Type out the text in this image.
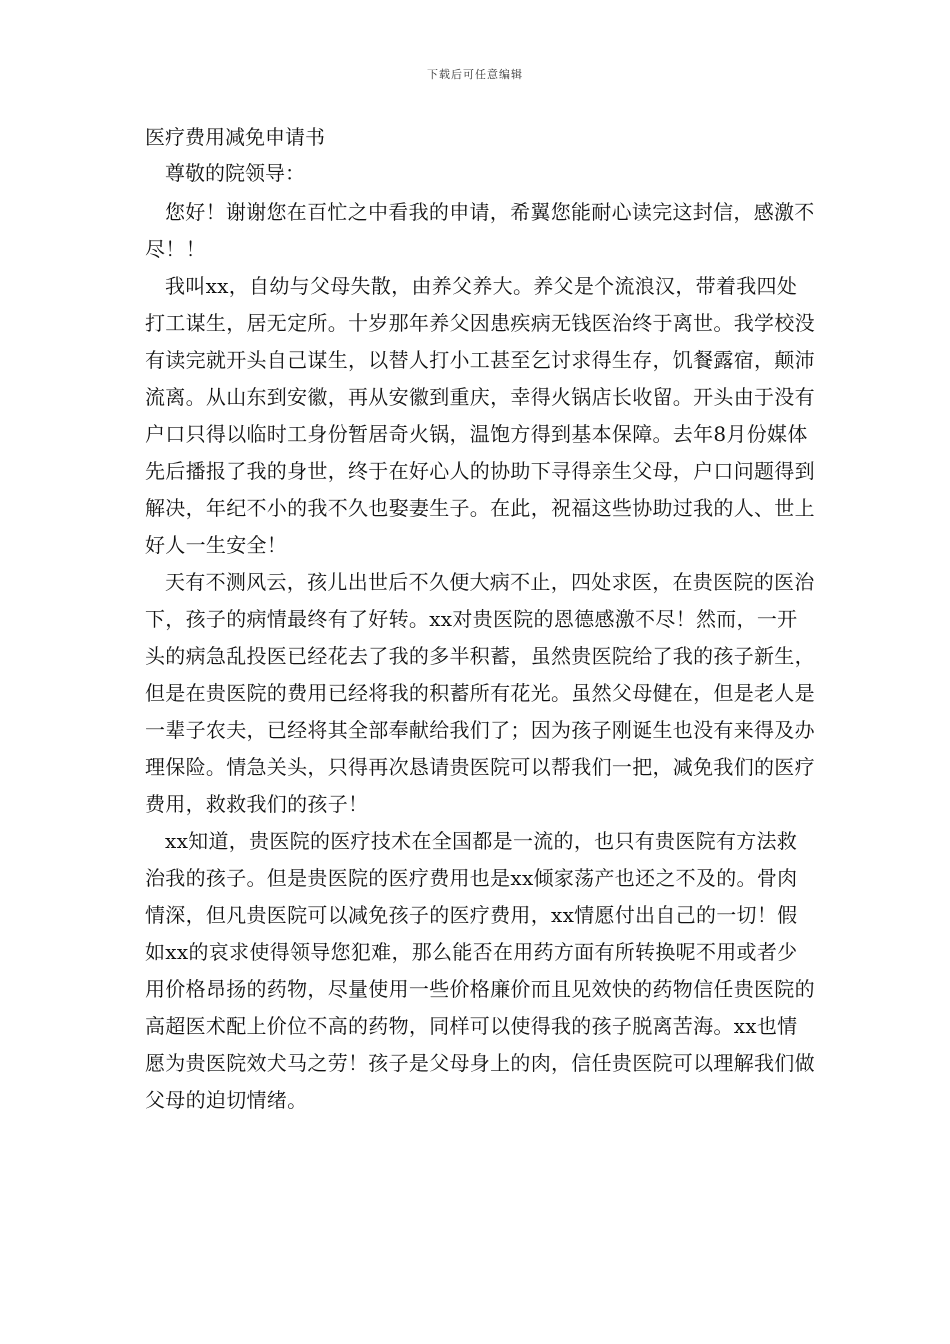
下载后可任意编辑

医疗费用减免申请书

尊敬的院领导：

您好！谢谢您在百忙之中看我的申请，希翼您能耐心读完这封信，感激不尽！！

我叫xx，自幼与父母失散，由养父养大。养父是个流浪汉，带着我四处打工谋生，居无定所。十岁那年养父因患疾病无钱医治终于离世。我学校没有读完就开头自己谋生，以替人打小工甚至乞讨求得生存，饥餐露宿，颠沛流离。从山东到安徽，再从安徽到重庆，幸得火锅店长收留。开头由于没有户口只得以临时工身份暂居奇火锅，温饱方得到基本保障。去年8月份媒体先后播报了我的身世，终于在好心人的协助下寻得亲生父母，户口问题得到解决，年纪不小的我不久也娶妻生子。在此，祝福这些协助过我的人、世上好人一生安全！

天有不测风云，孩儿出世后不久便大病不止，四处求医，在贵医院的医治下，孩子的病情最终有了好转。xx对贵医院的恩德感激不尽！然而，一开头的病急乱投医已经花去了我的多半积蓄，虽然贵医院给了我的孩子新生，但是在贵医院的费用已经将我的积蓄所有花光。虽然父母健在，但是老人是一辈子农夫，已经将其全部奉献给我们了；因为孩子刚诞生也没有来得及办理保险。情急关头，只得再次恳请贵医院可以帮我们一把，减免我们的医疗费用，救救我们的孩子！

xx知道，贵医院的医疗技术在全国都是一流的，也只有贵医院有方法救治我的孩子。但是贵医院的医疗费用也是xx倾家荡产也还之不及的。骨肉情深，但凡贵医院可以减免孩子的医疗费用，xx情愿付出自己的一切！假如xx的哀求使得领导您犯难，那么能否在用药方面有所转换呢不用或者少用价格昂扬的药物，尽量使用一些价格廉价而且见效快的药物信任贵医院的高超医术配上价位不高的药物，同样可以使得我的孩子脱离苦海。xx也情愿为贵医院效犬马之劳！孩子是父母身上的肉，信任贵医院可以理解我们做父母的迫切情绪。
